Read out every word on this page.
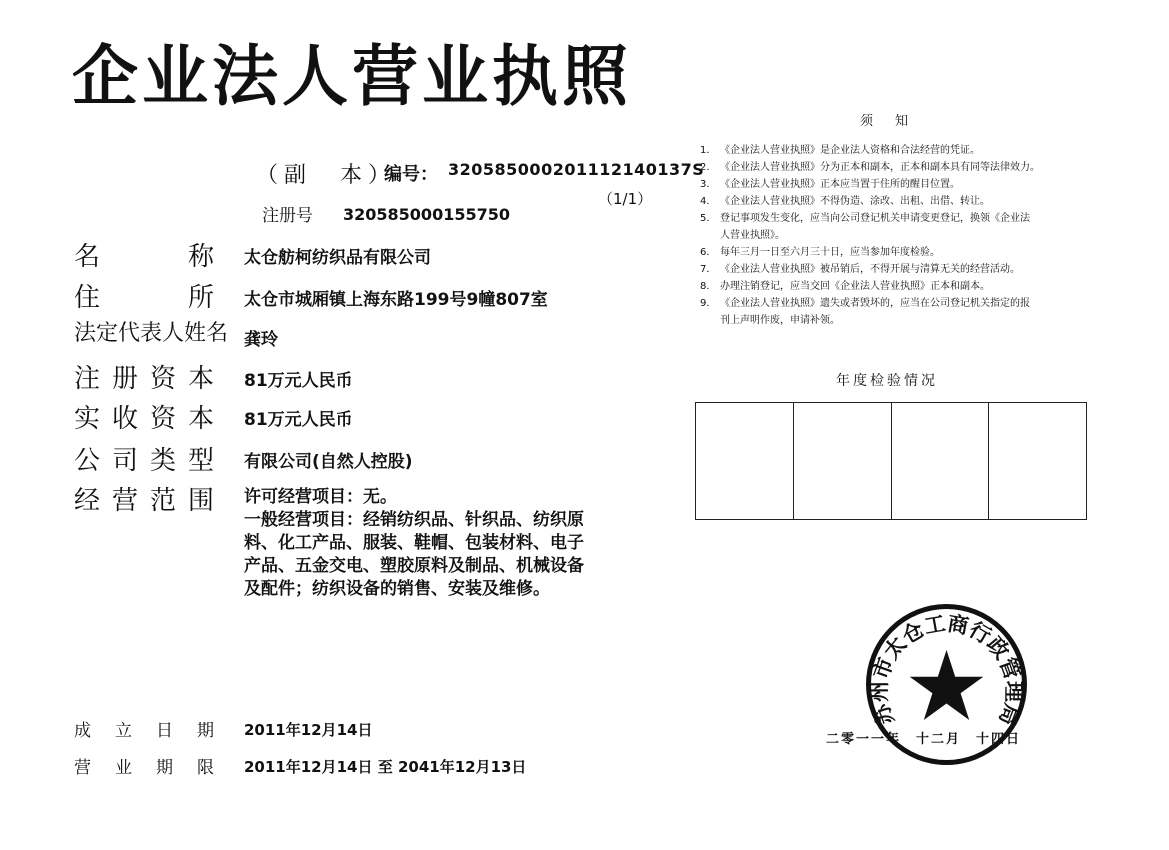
企业法人营业执照
（副　本）
编号： 320585000201112140137S
（1/1）
注册号 320585000155750
名称 太仓舫柯纺织品有限公司
住所 太仓市城厢镇上海东路199号9幢807室
法定代表人姓名 龚玲
注册资本 81万元人民币
实收资本 81万元人民币
公司类型 有限公司(自然人控股)
经营范围 许可经营项目：无。
一般经营项目：经销纺织品、针织品、纺织原
料、化工产品、服装、鞋帽、包装材料、电子
产品、五金交电、塑胶原料及制品、机械设备
及配件；纺织设备的销售、安装及维修。
成立日期 2011年12月14日
营业期限 2011年12月14日 至 2041年12月13日
须知
1． 《企业法人营业执照》是企业法人资格和合法经营的凭证。
2． 《企业法人营业执照》分为正本和副本，正本和副本具有同等法律效力。
3． 《企业法人营业执照》正本应当置于住所的醒目位置。
4． 《企业法人营业执照》不得伪造、涂改、出租、出借、转让。
5． 登记事项发生变化，应当向公司登记机关申请变更登记，换领《企业法
人营业执照》。
6． 每年三月一日至六月三十日，应当参加年度检验。
7． 《企业法人营业执照》被吊销后，不得开展与清算无关的经营活动。
8． 办理注销登记，应当交回《企业法人营业执照》正本和副本。
9． 《企业法人营业执照》遗失或者毁坏的，应当在公司登记机关指定的报
刊上声明作废，申请补领。
年度检验情况
苏州市太仓工商行政管理局
二零一一年　十二月　十四日
